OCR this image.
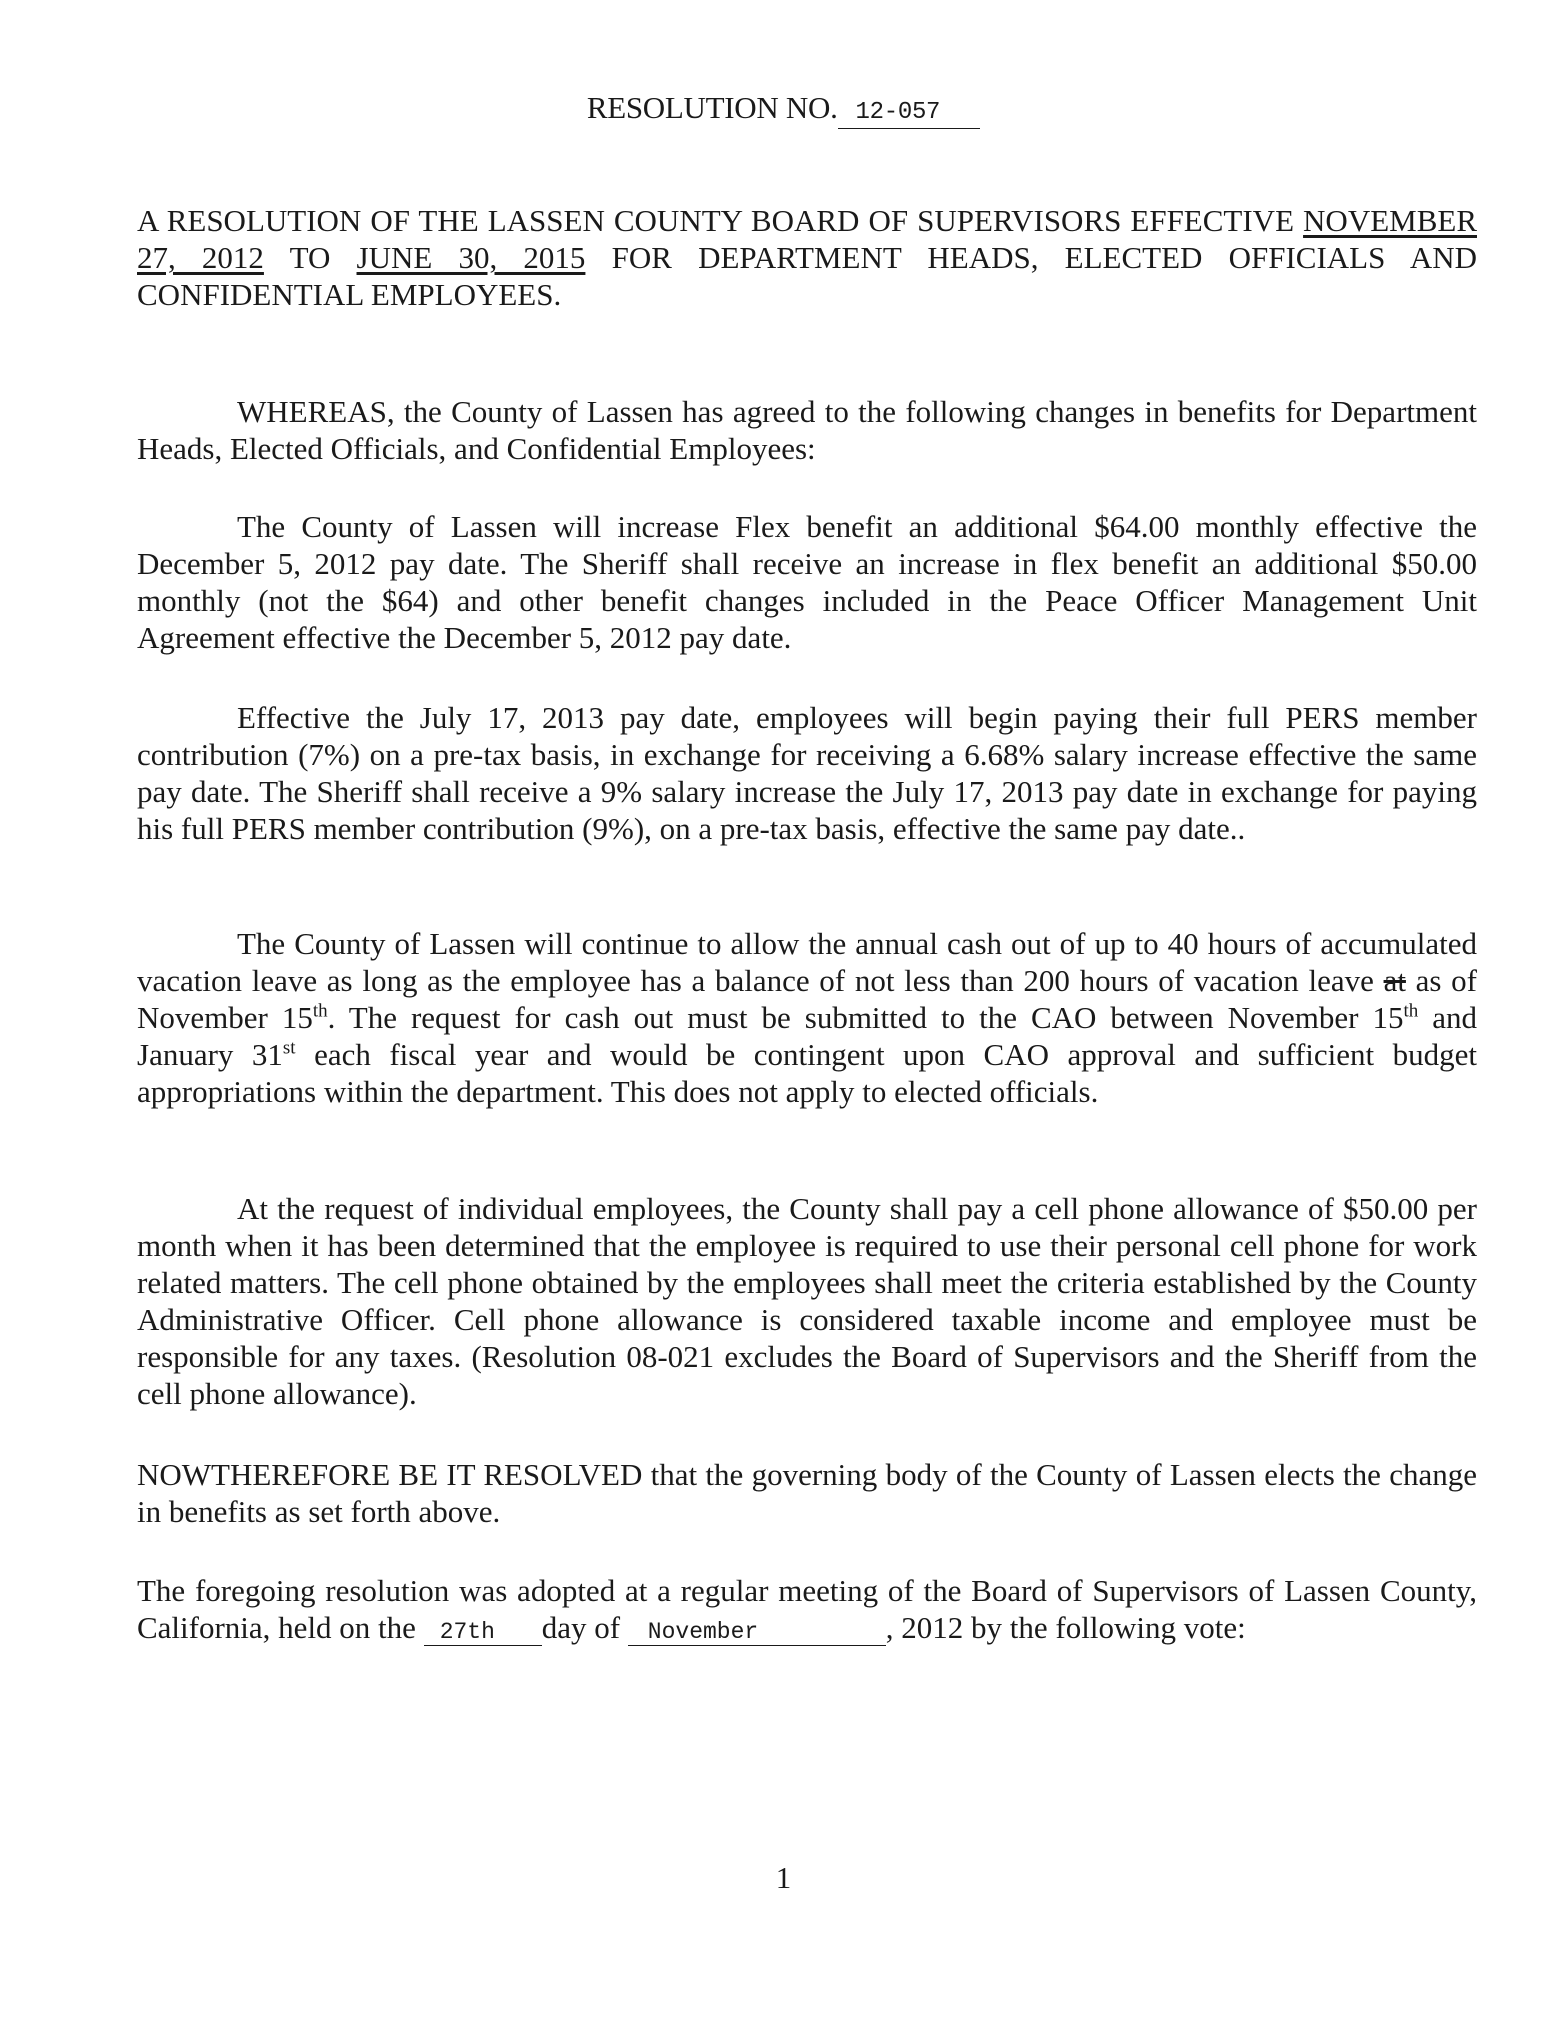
RESOLUTION NO. 12-057

A RESOLUTION OF THE LASSEN COUNTY BOARD OF SUPERVISORS EFFECTIVE NOVEMBER 27, 2012 TO JUNE 30, 2015 FOR DEPARTMENT HEADS, ELECTED OFFICIALS AND CONFIDENTIAL EMPLOYEES.

WHEREAS, the County of Lassen has agreed to the following changes in benefits for Department Heads, Elected Officials, and Confidential Employees:

The County of Lassen will increase Flex benefit an additional $64.00 monthly effective the December 5, 2012 pay date. The Sheriff shall receive an increase in flex benefit an additional $50.00 monthly (not the $64) and other benefit changes included in the Peace Officer Management Unit Agreement effective the December 5, 2012 pay date.

Effective the July 17, 2013 pay date, employees will begin paying their full PERS member contribution (7%) on a pre-tax basis, in exchange for receiving a 6.68% salary increase effective the same pay date. The Sheriff shall receive a 9% salary increase the July 17, 2013 pay date in exchange for paying his full PERS member contribution (9%), on a pre-tax basis, effective the same pay date..

The County of Lassen will continue to allow the annual cash out of up to 40 hours of accumulated vacation leave as long as the employee has a balance of not less than 200 hours of vacation leave at as of November 15th. The request for cash out must be submitted to the CAO between November 15th and January 31st each fiscal year and would be contingent upon CAO approval and sufficient budget appropriations within the department. This does not apply to elected officials.

At the request of individual employees, the County shall pay a cell phone allowance of $50.00 per month when it has been determined that the employee is required to use their personal cell phone for work related matters. The cell phone obtained by the employees shall meet the criteria established by the County Administrative Officer. Cell phone allowance is considered taxable income and employee must be responsible for any taxes. (Resolution 08-021 excludes the Board of Supervisors and the Sheriff from the cell phone allowance).

NOWTHEREFORE BE IT RESOLVED that the governing body of the County of Lassen elects the change in benefits as set forth above.

The foregoing resolution was adopted at a regular meeting of the Board of Supervisors of Lassen County, California, held on the 27th day of November	, 2012 by the following vote:

1
